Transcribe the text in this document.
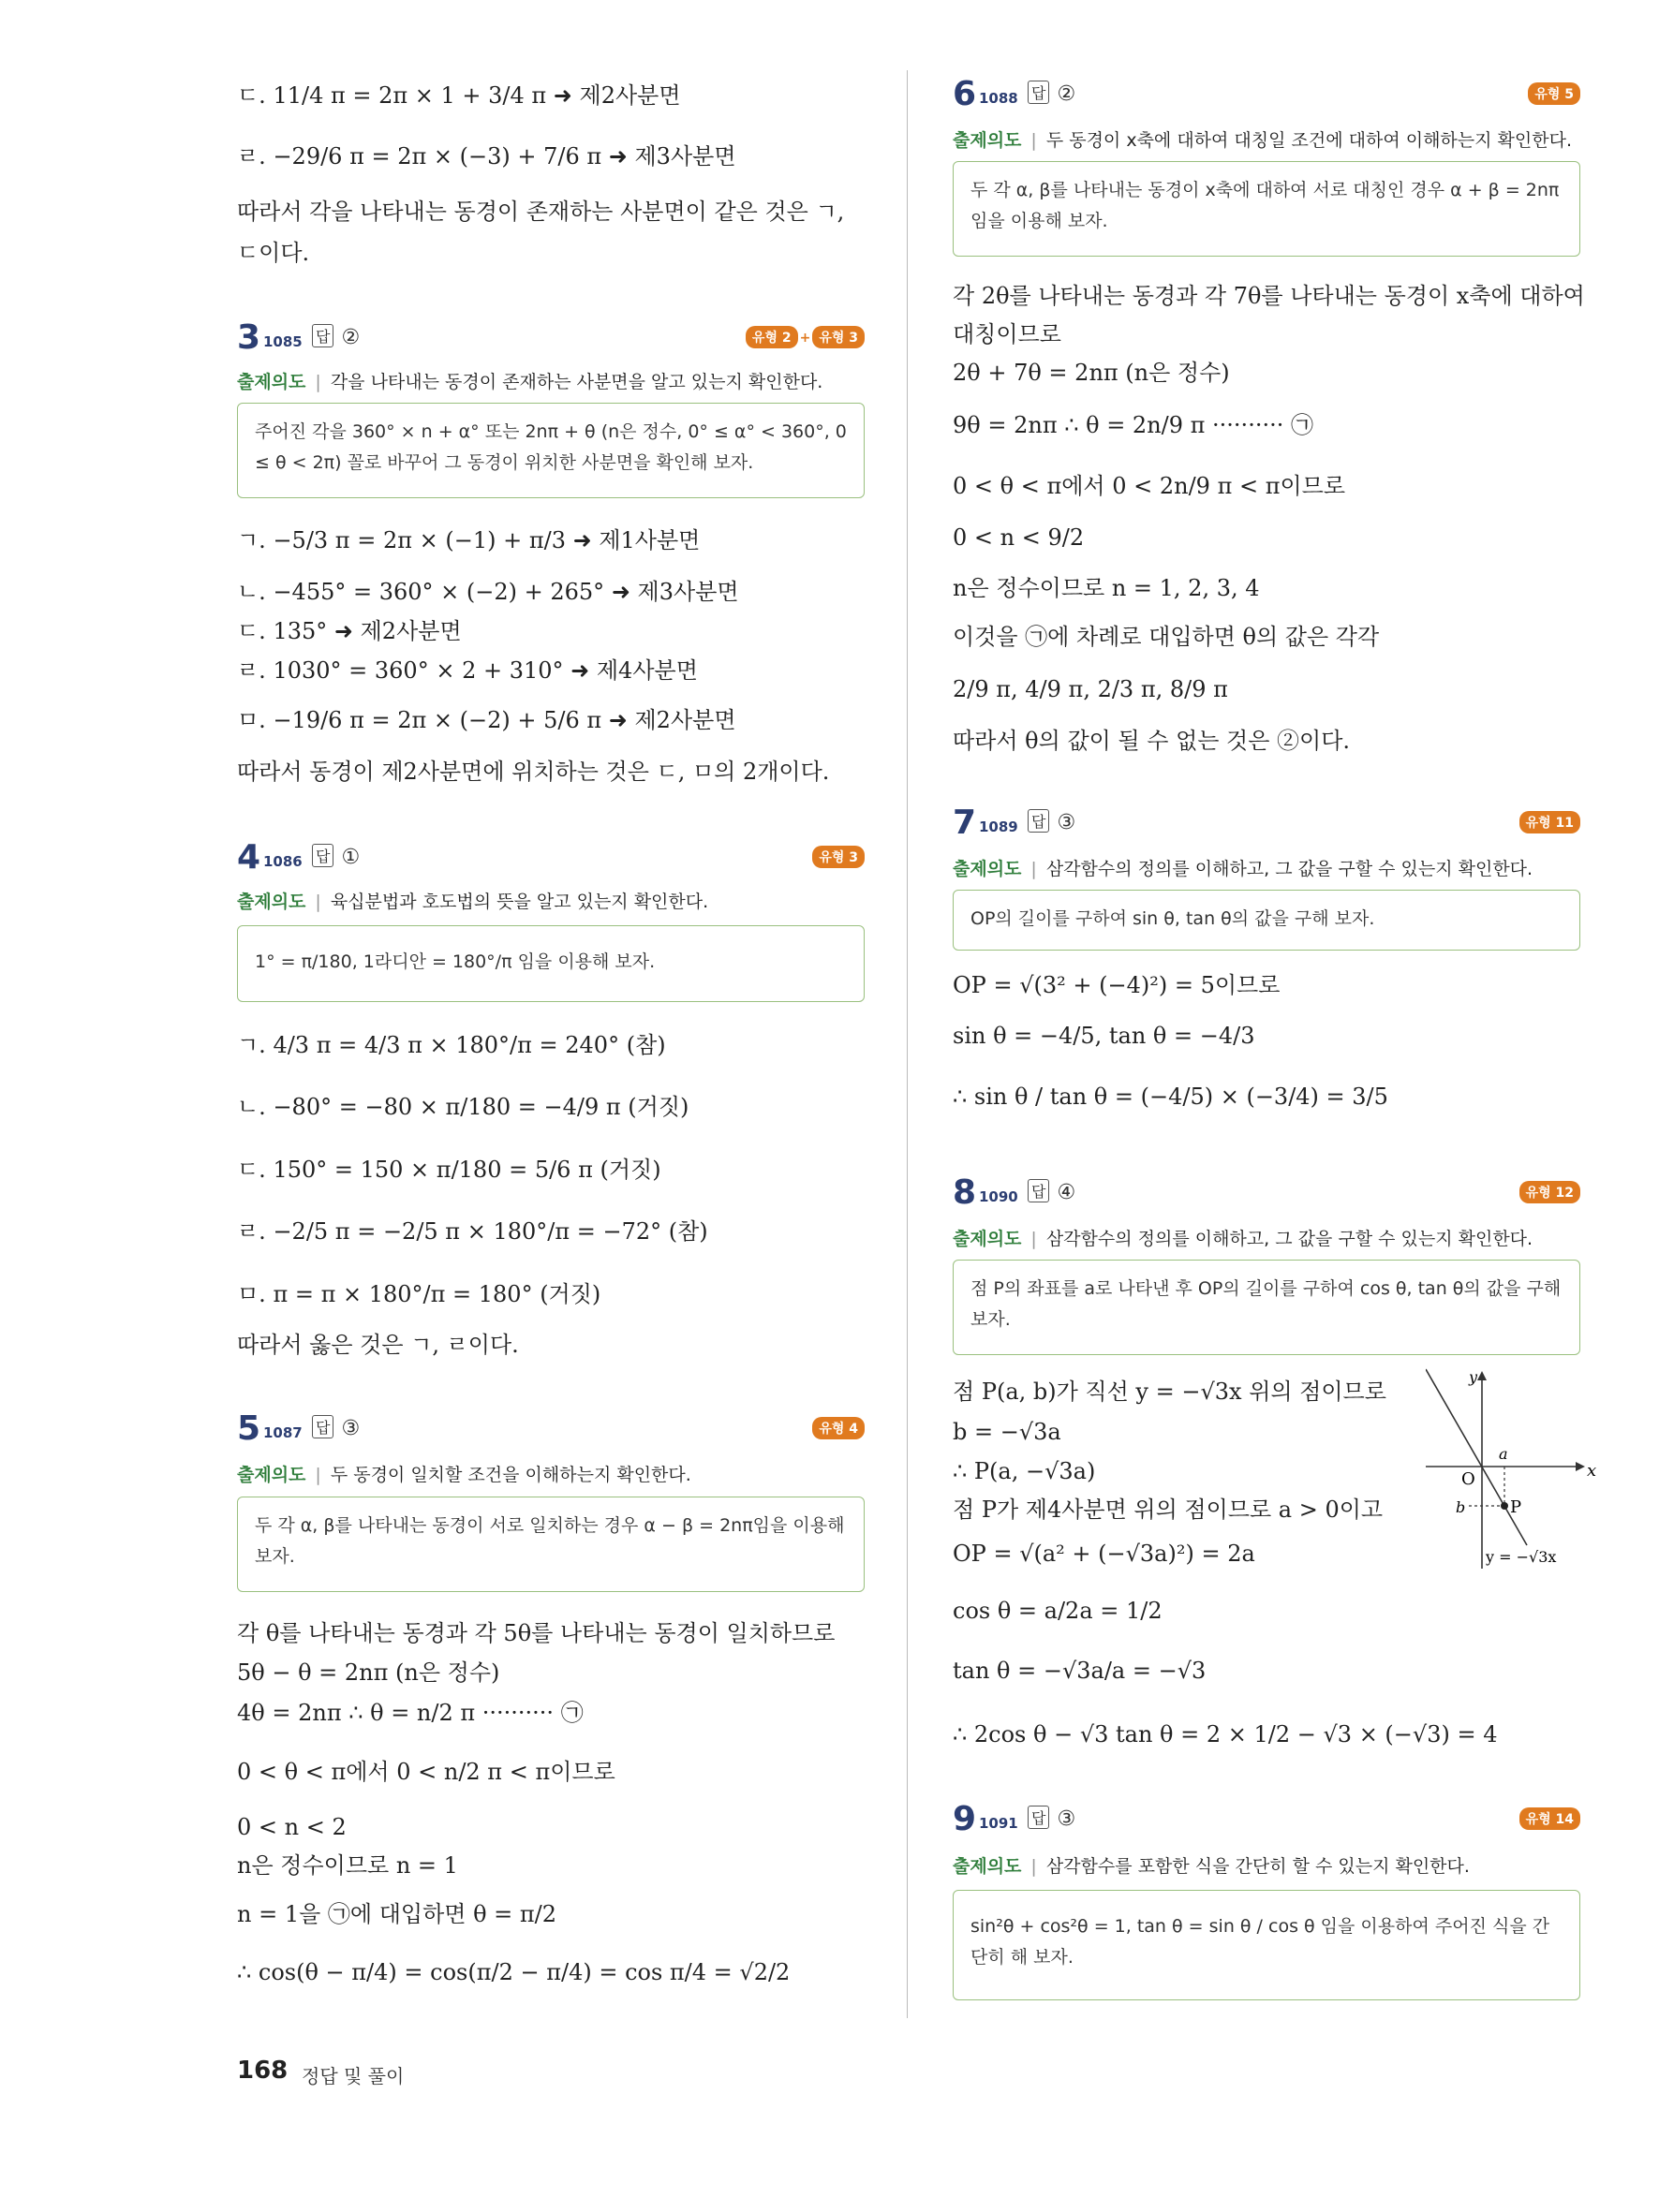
ㄷ. 11/4 π = 2π × 1 + 3/4 π ➜ 제2사분면
ㄹ. −29/6 π = 2π × (−3) + 7/6 π ➜ 제3사분면
따라서 각을 나타내는 동경이 존재하는 사분면이 같은 것은 ㄱ,
ㄷ이다.
3 1085 답 ②	유형 2 + 유형 3
출제의도 | 각을 나타내는 동경이 존재하는 사분면을 알고 있는지 확인한다.
주어진 각을 360° × n + α° 또는 2nπ + θ (n은 정수, 0° ≤ α° < 360°, 0 ≤ θ < 2π) 꼴로 바꾸어 그 동경이 위치한 사분면을 확인해 보자.
ㄱ. −5/3 π = 2π × (−1) + π/3 ➜ 제1사분면
ㄴ. −455° = 360° × (−2) + 265° ➜ 제3사분면
ㄷ. 135° ➜ 제2사분면
ㄹ. 1030° = 360° × 2 + 310° ➜ 제4사분면
ㅁ. −19/6 π = 2π × (−2) + 5/6 π ➜ 제2사분면
따라서 동경이 제2사분면에 위치하는 것은 ㄷ, ㅁ의 2개이다.
4 1086 답 ①	유형 3
출제의도 | 육십분법과 호도법의 뜻을 알고 있는지 확인한다.
1° = π/180, 1라디안 = 180°/π 임을 이용해 보자.
ㄱ. 4/3 π = 4/3 π × 180°/π = 240° (참)
ㄴ. −80° = −80 × π/180 = −4/9 π (거짓)
ㄷ. 150° = 150 × π/180 = 5/6 π (거짓)
ㄹ. −2/5 π = −2/5 π × 180°/π = −72° (참)
ㅁ. π = π × 180°/π = 180° (거짓)
따라서 옳은 것은 ㄱ, ㄹ이다.
5 1087 답 ③	유형 4
출제의도 | 두 동경이 일치할 조건을 이해하는지 확인한다.
두 각 α, β를 나타내는 동경이 서로 일치하는 경우 α − β = 2nπ임을 이용해 보자.
각 θ를 나타내는 동경과 각 5θ를 나타내는 동경이 일치하므로
5θ − θ = 2nπ (n은 정수)
4θ = 2nπ ∴ θ = n/2 π ·········· ㉠
0 < θ < π에서 0 < n/2 π < π이므로
0 < n < 2
n은 정수이므로 n = 1
n = 1을 ㉠에 대입하면 θ = π/2
∴ cos(θ − π/4) = cos(π/2 − π/4) = cos π/4 = √2/2
6 1088 답 ②	유형 5
출제의도 | 두 동경이 x축에 대하여 대칭일 조건에 대하여 이해하는지 확인한다.
두 각 α, β를 나타내는 동경이 x축에 대하여 서로 대칭인 경우 α + β = 2nπ 임을 이용해 보자.
각 2θ를 나타내는 동경과 각 7θ를 나타내는 동경이 x축에 대하여
대칭이므로
2θ + 7θ = 2nπ (n은 정수)
9θ = 2nπ ∴ θ = 2n/9 π ·········· ㉠
0 < θ < π에서 0 < 2n/9 π < π이므로
0 < n < 9/2
n은 정수이므로 n = 1, 2, 3, 4
이것을 ㉠에 차례로 대입하면 θ의 값은 각각
2/9 π, 4/9 π, 2/3 π, 8/9 π
따라서 θ의 값이 될 수 없는 것은 ②이다.
7 1089 답 ③	유형 11
출제의도 | 삼각함수의 정의를 이해하고, 그 값을 구할 수 있는지 확인한다.
OP의 길이를 구하여 sin θ, tan θ의 값을 구해 보자.
OP = √(3² + (−4)²) = 5이므로
sin θ = −4/5, tan θ = −4/3
∴ sin θ / tan θ = (−4/5) × (−3/4) = 3/5
8 1090 답 ④	유형 12
출제의도 | 삼각함수의 정의를 이해하고, 그 값을 구할 수 있는지 확인한다.
점 P의 좌표를 a로 나타낸 후 OP의 길이를 구하여 cos θ, tan θ의 값을 구해 보자.
점 P(a, b)가 직선 y = −√3x 위의 점이므로
b = −√3a
∴ P(a, −√3a)
점 P가 제4사분면 위의 점이므로 a > 0이고
OP = √(a² + (−√3a)²) = 2a
cos θ = a/2a = 1/2
tan θ = −√3a/a = −√3
∴ 2cos θ − √3 tan θ = 2 × 1/2 − √3 × (−√3) = 4
y
x
a
O
b	P
y = −√3x
9 1091 답 ③	유형 14
출제의도 | 삼각함수를 포함한 식을 간단히 할 수 있는지 확인한다.
sin²θ + cos²θ = 1, tan θ = sin θ / cos θ 임을 이용하여 주어진 식을 간단히 해 보자.
168 정답 및 풀이
